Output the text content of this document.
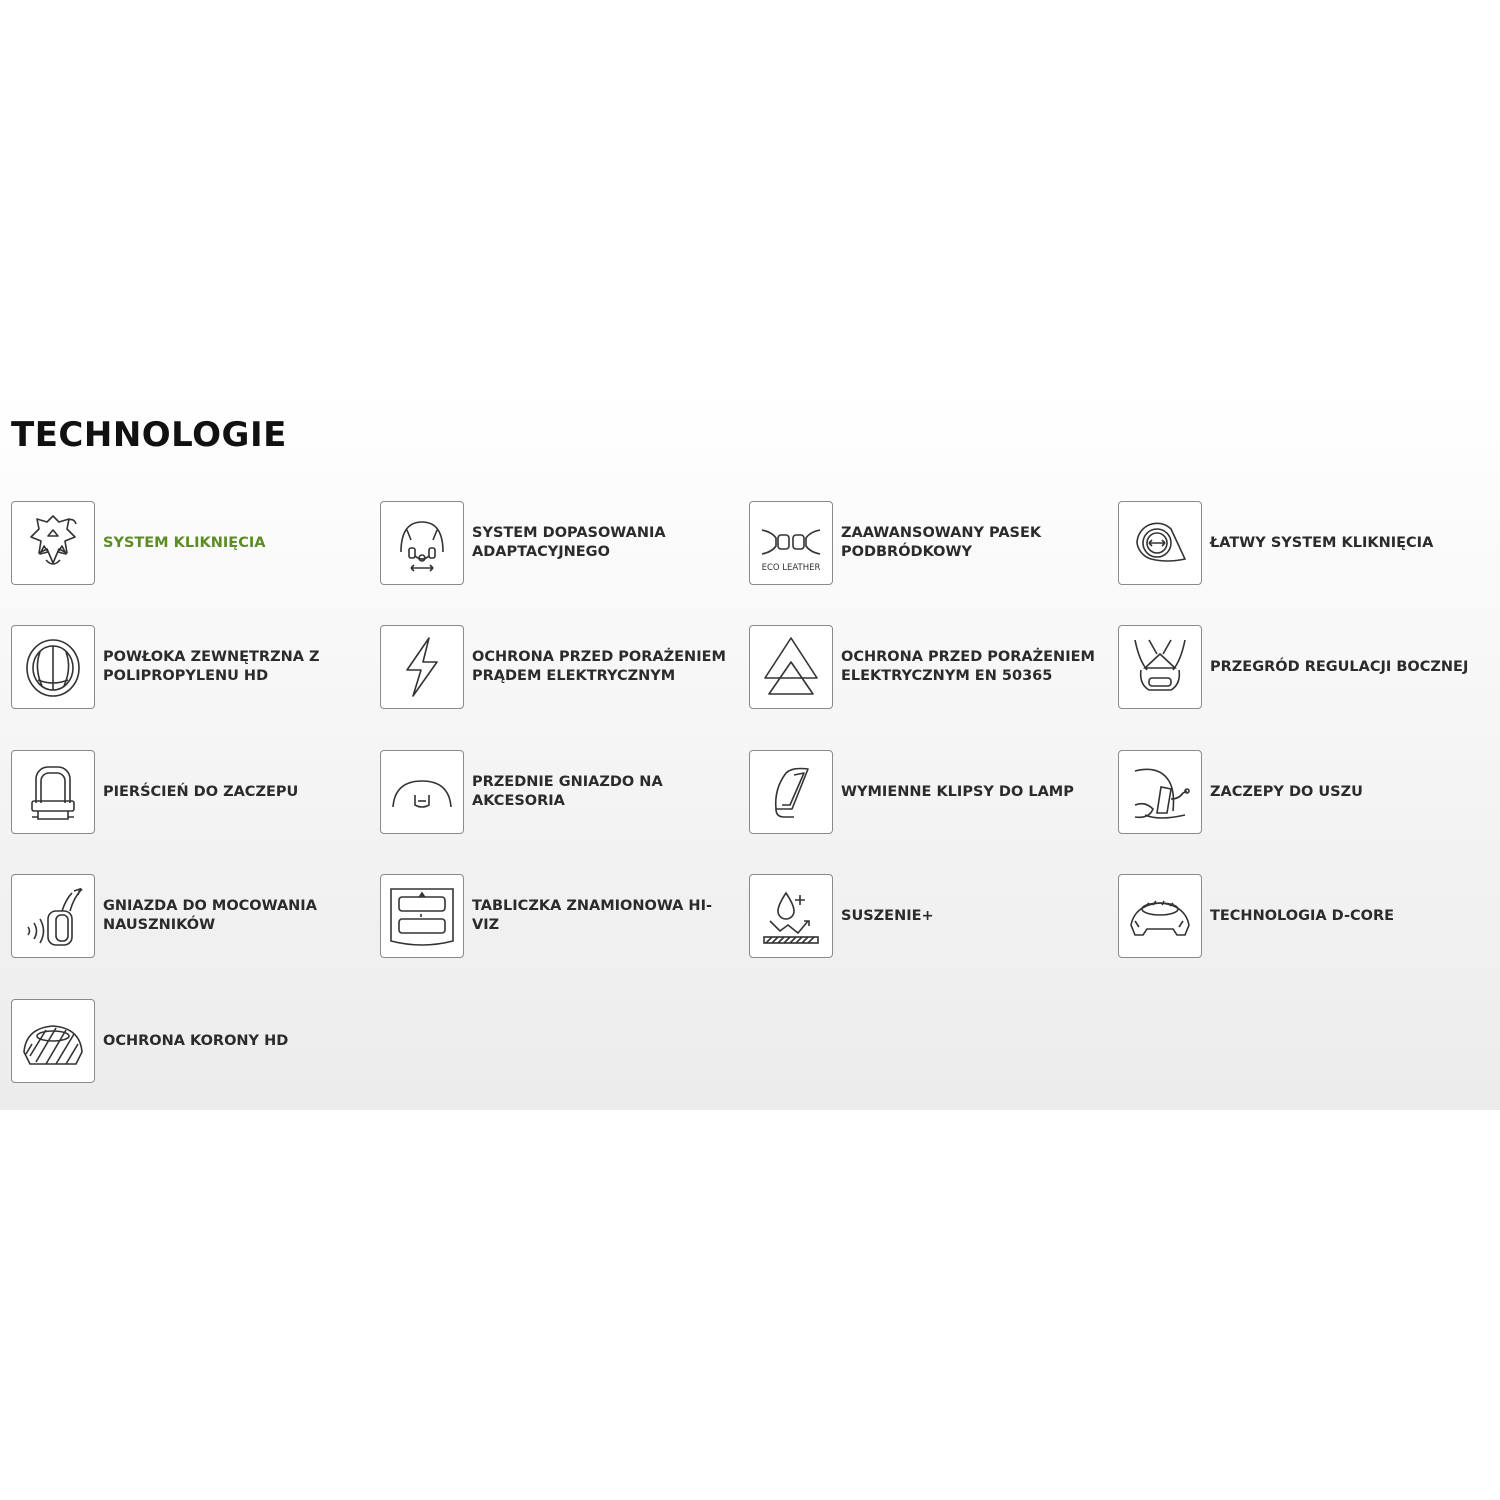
TECHNOLOGIE
SYSTEM KLIKNIĘCIA
SYSTEM DOPASOWANIA ADAPTACYJNEGO
ECO LEATHER
ZAAWANSOWANY PASEK PODBRÓDKOWY
ŁATWY SYSTEM KLIKNIĘCIA
POWŁOKA ZEWNĘTRZNA Z POLIPROPYLENU HD
OCHRONA PRZED PORAŻENIEM PRĄDEM ELEKTRYCZNYM
OCHRONA PRZED PORAŻENIEM ELEKTRYCZNYM EN 50365
PRZEGRÓD REGULACJI BOCZNEJ
PIERŚCIEŃ DO ZACZEPU
PRZEDNIE GNIAZDO NA AKCESORIA
WYMIENNE KLIPSY DO LAMP	ZACZEPY DO USZU
GNIAZDA DO MOCOWANIA NAUSZNIKÓW
TABLICZKA ZNAMIONOWA HI-VIZ
SUSZENIE+	TECHNOLOGIA D-CORE
OCHRONA KORONY HD
